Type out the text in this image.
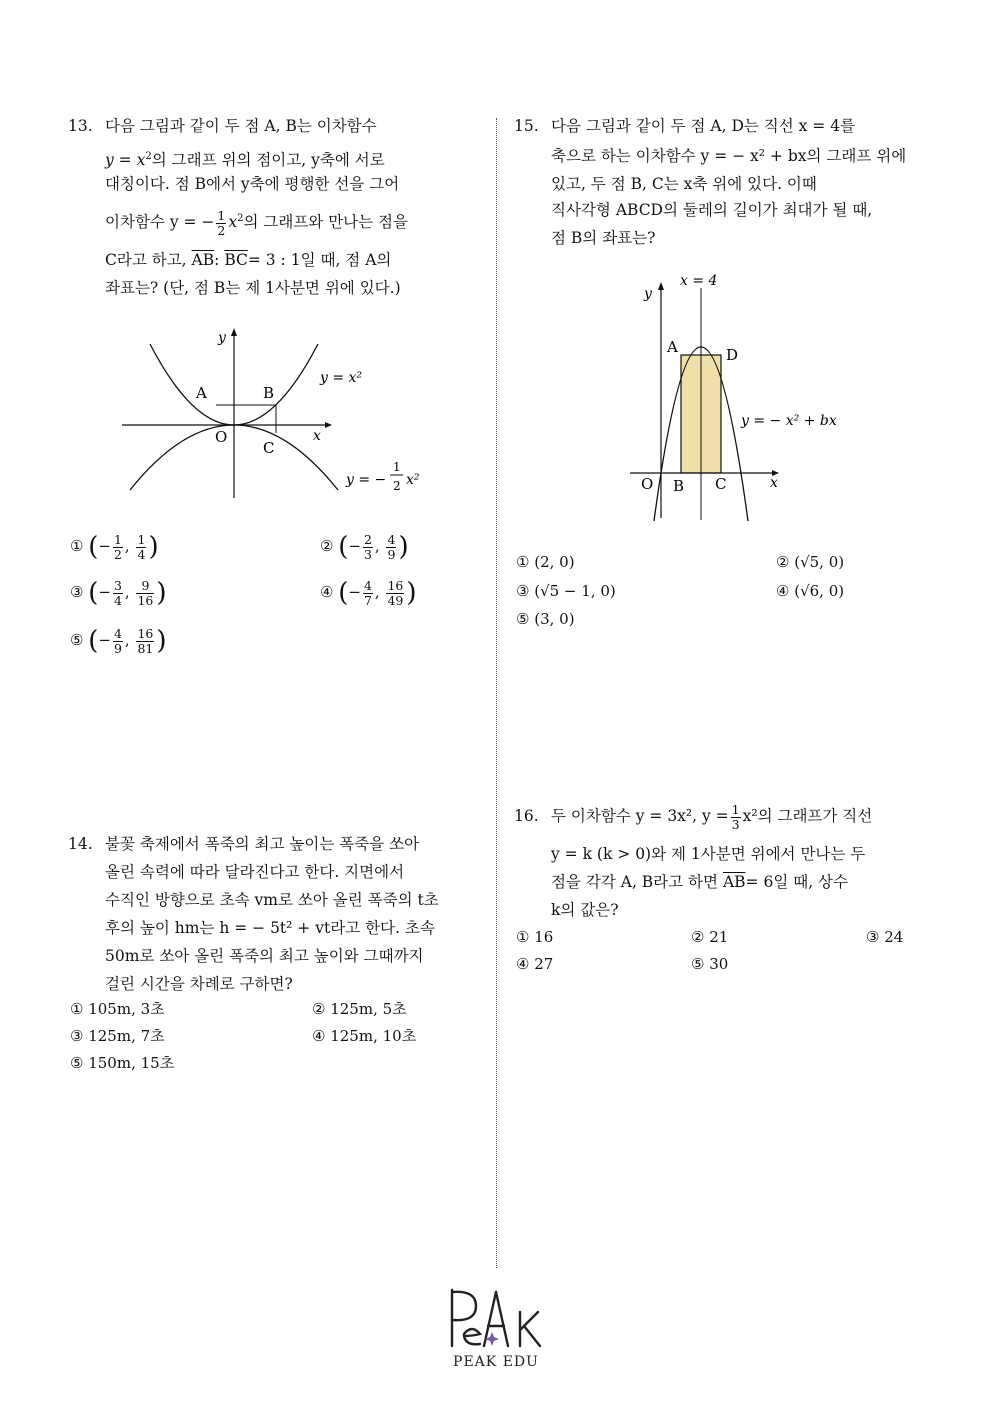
13. 다음 그림과 같이 두 점 A, B는 이차함수
$y = x^2$의 그래프 위의 점이고, y축에 서로
대칭이다. 점 B에서 y축에 평행한 선을 그어
이차함수 y = − $\frac{1}{2} x^2$의 그래프와 만나는 점을
C라고 하고, $\overline{AB}$: $\overline{BC}= 3$ : 1일 때, 점 A의
좌표는? (단, 점 B는 제 1사분면 위에 있다.)
y
x
O
A	B
C
y = x²
y = −
1
2 x²
① (− $\frac{1}{2}$ , $\frac{1}{4}$ )	② (− $\frac{2}{3}$ , $\frac{4}{9}$ )
③ (− $\frac{3}{4}$ , $\frac{9}{16}$ )	④ (− $\frac{4}{7}$ , $\frac{16}{49}$ )
⑤ (− $\frac{4}{9}$ , $\frac{16}{81}$ )
14. 불꽃 축제에서 폭죽의 최고 높이는 폭죽을 쏘아
올린 속력에 따라 달라진다고 한다. 지면에서
수직인 방향으로 초속 vm로 쏘아 올린 폭죽의 t초
후의 높이 hm는 h = − 5t² + vt라고 한다. 초속
50m로 쏘아 올린 폭죽의 최고 높이와 그때까지
걸린 시간을 차례로 구하면?
① 105m, 3초	② 125m, 5초
③ 125m, 7초	④ 125m, 10초
⑤ 150m, 15초
15. 다음 그림과 같이 두 점 A, D는 직선 x = 4를
축으로 하는 이차함수 y = − x² + bx의 그래프 위에
있고, 두 점 B, C는 x축 위에 있다. 이때
직사각형 ABCD의 둘레의 길이가 최대가 될 때,
점 B의 좌표는?
y
x
O
x = 4
A	D
B C
y = − x² + bx
① (2, 0)	② (√5, 0)
③ (√5 − 1, 0)	④ (√6, 0)
⑤ (3, 0)
16. 두 이차함수 y = 3x², $y = \frac{1}{3} x^2$의 그래프가 직선
y = k (k > 0)와 제 1사분면 위에서 만나는 두
점을 각각 A, B라고 하면 $\overline{AB}= 6$일 때, 상수
k의 값은?
① 16	② 21	③ 24
④ 27	⑤ 30
PEAK EDU
